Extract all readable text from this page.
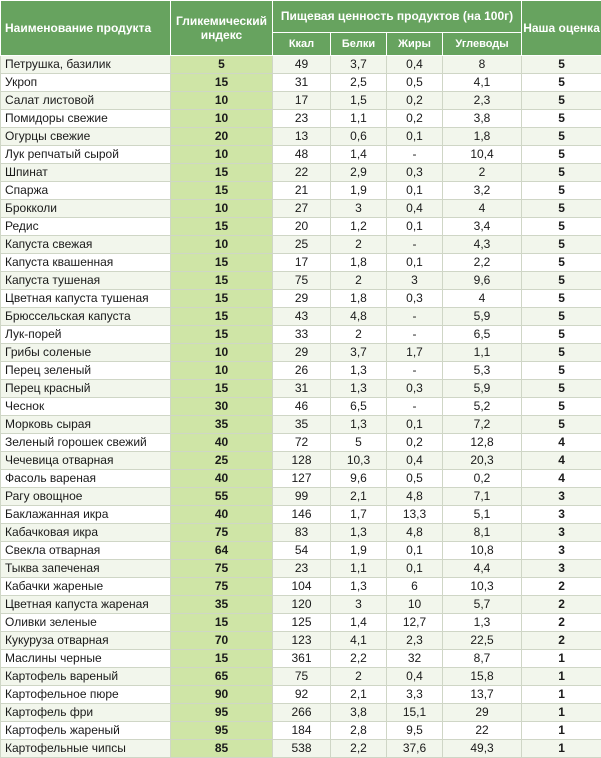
Наименование продукта	Гликемический индекс	Пищевая ценность продуктов (на 100г)				Наша оценка
		Ккал	Белки	Жиры	Углеводы	
Петрушка, базилик	5	49	3,7	0,4	8	5
Укроп	15	31	2,5	0,5	4,1	5
Салат листовой	10	17	1,5	0,2	2,3	5
Помидоры свежие	10	23	1,1	0,2	3,8	5
Огурцы свежие	20	13	0,6	0,1	1,8	5
Лук репчатый сырой	10	48	1,4	-	10,4	5
Шпинат	15	22	2,9	0,3	2	5
Спаржа	15	21	1,9	0,1	3,2	5
Брокколи	10	27	3	0,4	4	5
Редис	15	20	1,2	0,1	3,4	5
Капуста свежая	10	25	2	-	4,3	5
Капуста квашенная	15	17	1,8	0,1	2,2	5
Капуста тушеная	15	75	2	3	9,6	5
Цветная капуста тушеная	15	29	1,8	0,3	4	5
Брюссельская капуста	15	43	4,8	-	5,9	5
Лук-порей	15	33	2	-	6,5	5
Грибы соленые	10	29	3,7	1,7	1,1	5
Перец зеленый	10	26	1,3	-	5,3	5
Перец красный	15	31	1,3	0,3	5,9	5
Чеснок	30	46	6,5	-	5,2	5
Морковь сырая	35	35	1,3	0,1	7,2	5
Зеленый горошек свежий	40	72	5	0,2	12,8	4
Чечевица отварная	25	128	10,3	0,4	20,3	4
Фасоль вареная	40	127	9,6	0,5	0,2	4
Рагу овощное	55	99	2,1	4,8	7,1	3
Баклажанная икра	40	146	1,7	13,3	5,1	3
Кабачковая икра	75	83	1,3	4,8	8,1	3
Свекла отварная	64	54	1,9	0,1	10,8	3
Тыква запеченая	75	23	1,1	0,1	4,4	3
Кабачки жареные	75	104	1,3	6	10,3	2
Цветная капуста жареная	35	120	3	10	5,7	2
Оливки зеленые	15	125	1,4	12,7	1,3	2
Кукуруза отварная	70	123	4,1	2,3	22,5	2
Маслины черные	15	361	2,2	32	8,7	1
Картофель вареный	65	75	2	0,4	15,8	1
Картофельное пюре	90	92	2,1	3,3	13,7	1
Картофель фри	95	266	3,8	15,1	29	1
Картофель жареный	95	184	2,8	9,5	22	1
Картофельные чипсы	85	538	2,2	37,6	49,3	1
